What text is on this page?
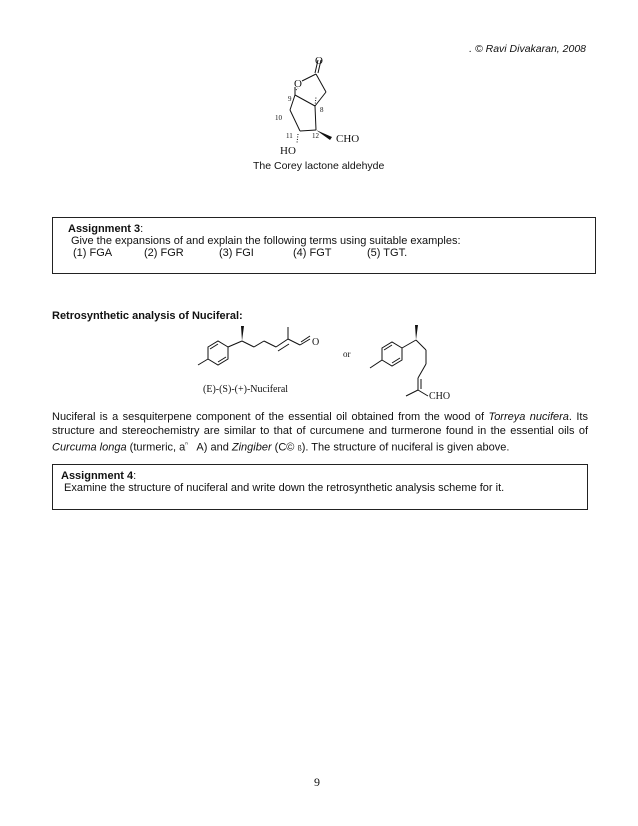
. © Ravi Divakaran, 2008
O
O
9
8
10
11	12 CHO
HO
The Corey lactone aldehyde
Assignment 3:
Give the expansions of and explain the following terms using suitable examples:
(1) FGA	(2) FGR	(3) FGI	(4) FGT	(5) TGT.
Retrosynthetic analysis of Nuciferal:
O
(E)-(S)-(+)-Nuciferal
or
CHO
Nuciferal is a sesquiterpene component of the essential oil obtained from the wood of Torreya nucifera. Its structure and stereochemistry are similar to that of curcumene and turmerone found in the essential oils of Curcuma longa (turmeric, $a^{^n}$   A) and Zingiber (C© ß). The structure of nuciferal is given above.
Assignment 4:
Examine the structure of nuciferal and write down the retrosynthetic analysis scheme for it.
9
